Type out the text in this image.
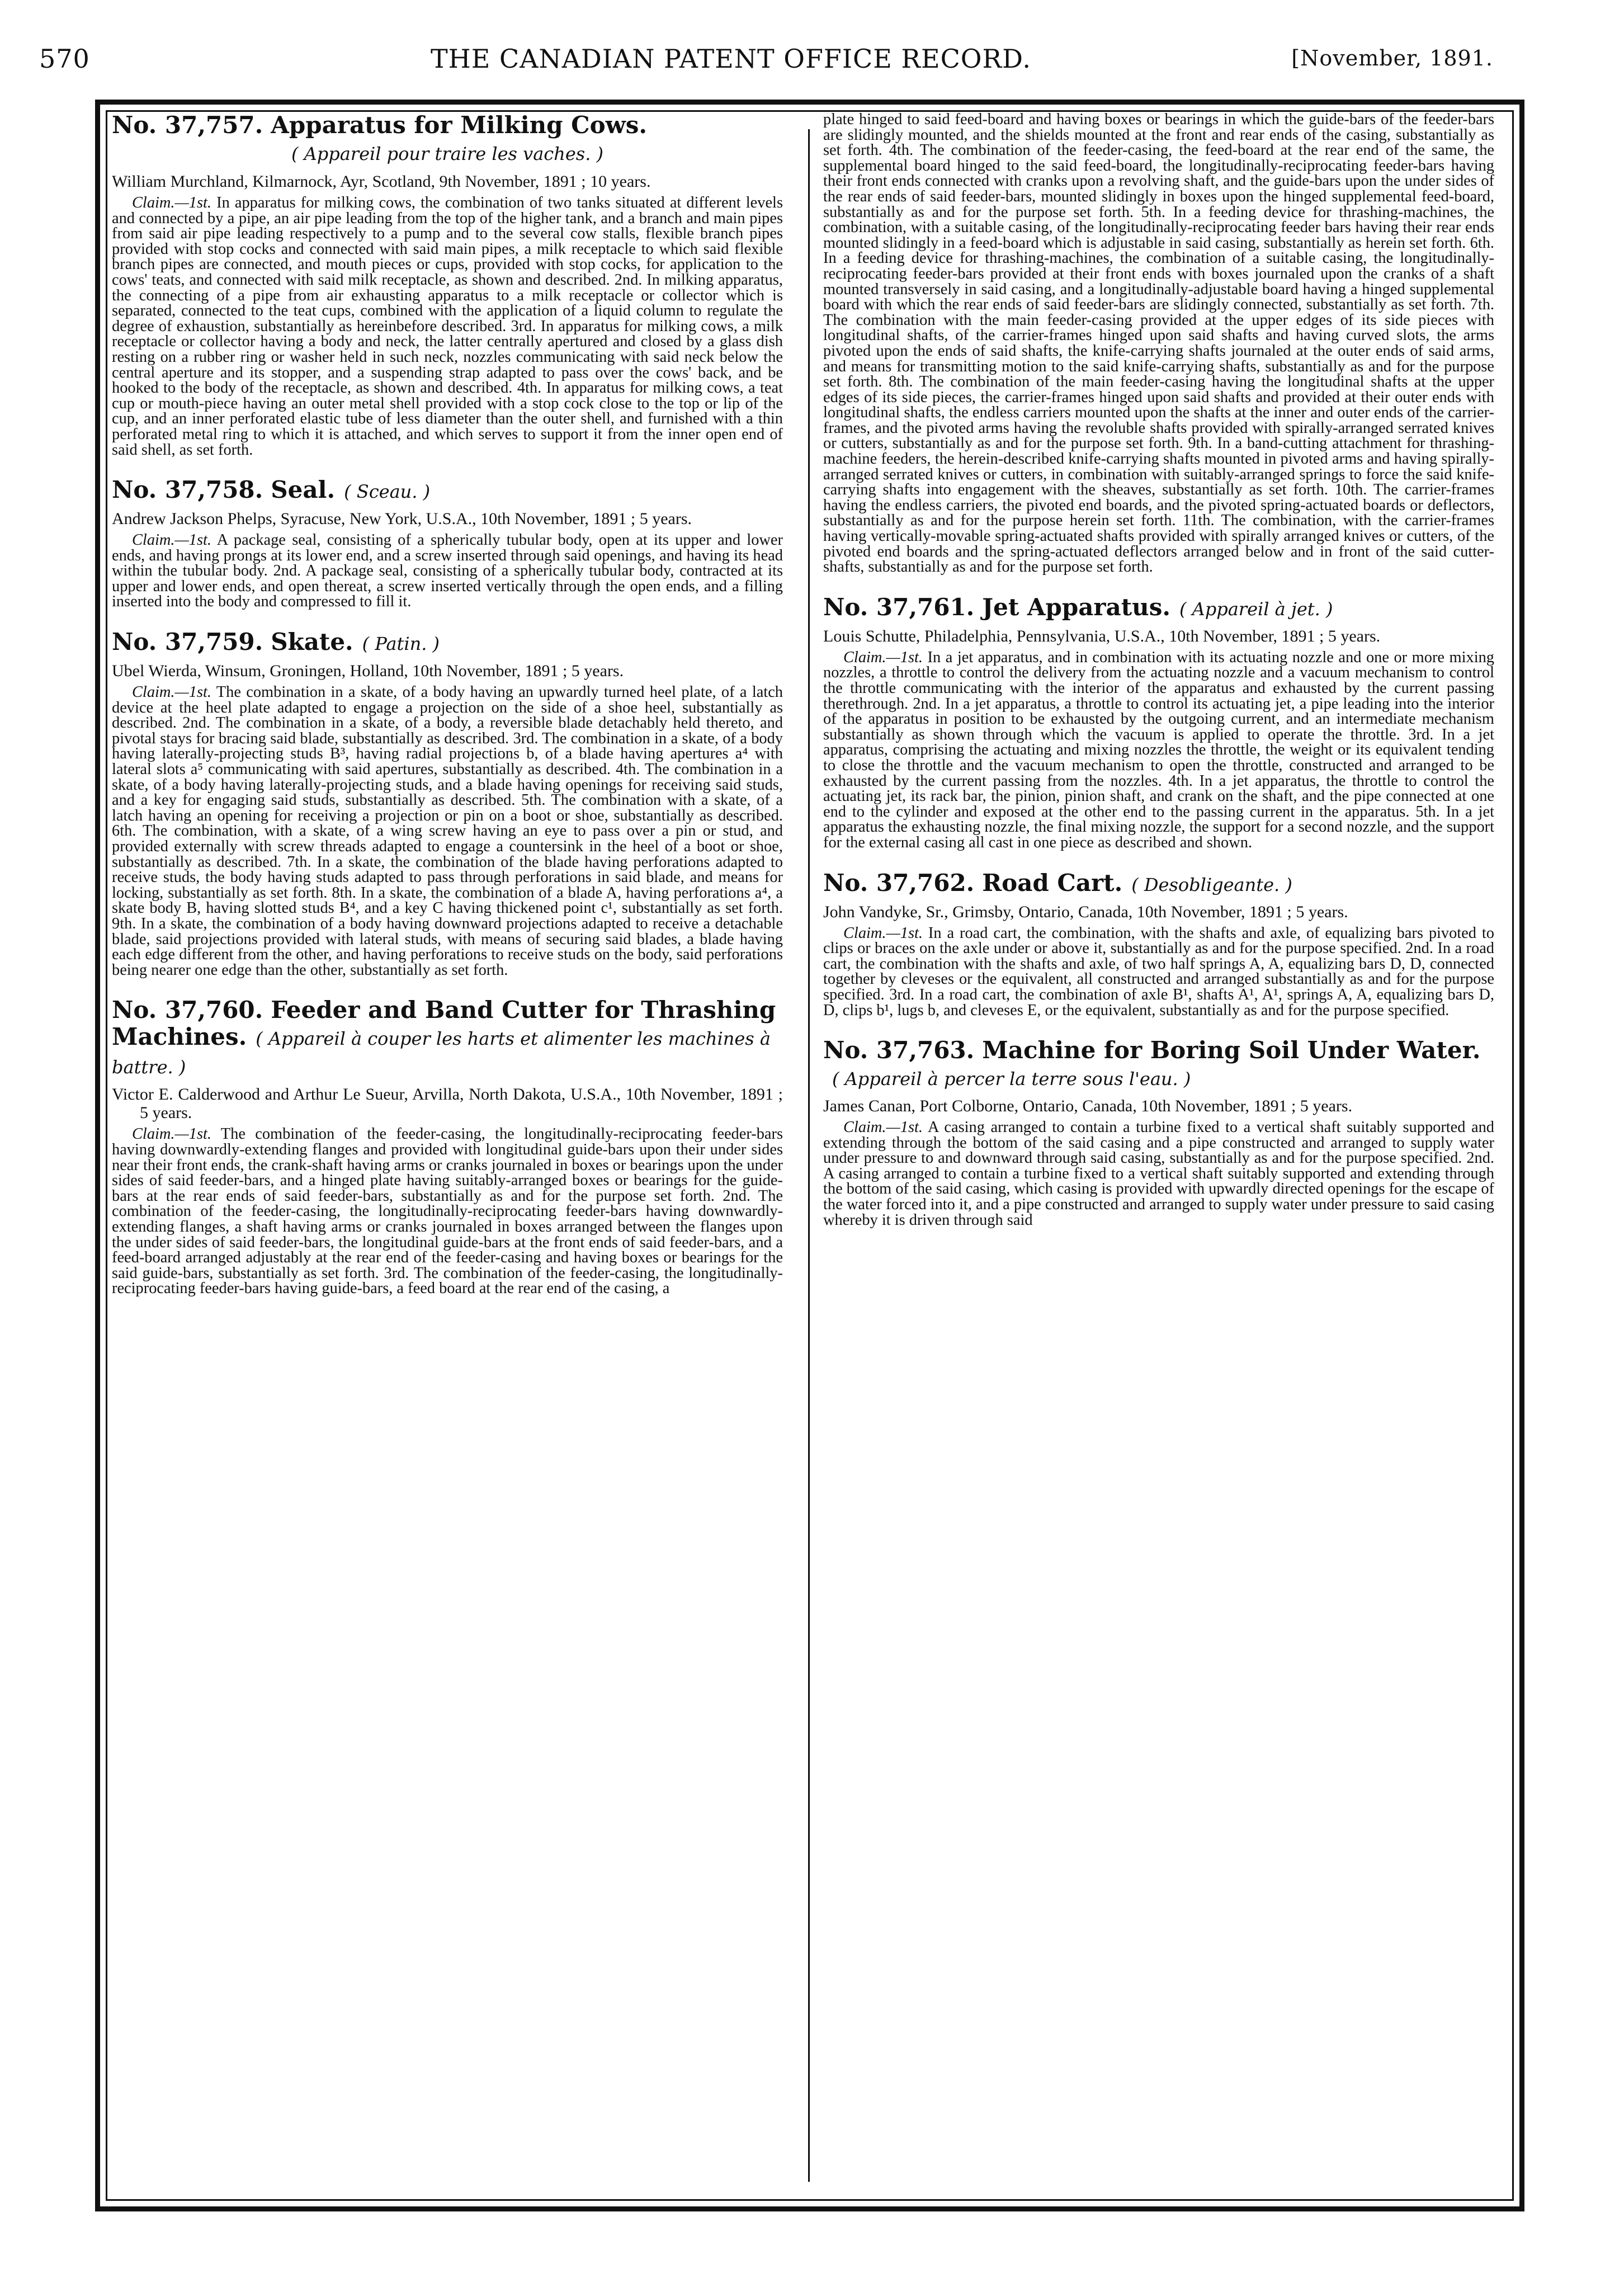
570	THE CANADIAN PATENT OFFICE RECORD.	[November, 1891.
No. 37,757. Apparatus for Milking Cows.
( Appareil pour traire les vaches. )

William Murchland, Kilmarnock, Ayr, Scotland, 9th November, 1891 ; 10 years.

Claim.—1st. In apparatus for milking cows, the combination of two tanks situated at different levels and connected by a pipe, an air pipe leading from the top of the higher tank, and a branch and main pipes from said air pipe leading respectively to a pump and to the several cow stalls, flexible branch pipes provided with stop cocks and connected with said main pipes, a milk receptacle to which said flexible branch pipes are connected, and mouth pieces or cups, provided with stop cocks, for application to the cows' teats, and connected with said milk receptacle, as shown and described. 2nd. In milking apparatus, the connecting of a pipe from air exhausting apparatus to a milk receptacle or collector which is separated, connected to the teat cups, combined with the application of a liquid column to regulate the degree of exhaustion, substantially as hereinbefore described. 3rd. In apparatus for milking cows, a milk receptacle or collector having a body and neck, the latter centrally apertured and closed by a glass dish resting on a rubber ring or washer held in such neck, nozzles communicating with said neck below the central aperture and its stopper, and a suspending strap adapted to pass over the cows' back, and be hooked to the body of the receptacle, as shown and described. 4th. In apparatus for milking cows, a teat cup or mouth-piece having an outer metal shell provided with a stop cock close to the top or lip of the cup, and an inner perforated elastic tube of less diameter than the outer shell, and furnished with a thin perforated metal ring to which it is attached, and which serves to support it from the inner open end of said shell, as set forth.

No. 37,758. Seal. ( Sceau. )

Andrew Jackson Phelps, Syracuse, New York, U.S.A., 10th November, 1891 ; 5 years.

Claim.—1st. A package seal, consisting of a spherically tubular body, open at its upper and lower ends, and having prongs at its lower end, and a screw inserted through said openings, and having its head within the tubular body. 2nd. A package seal, consisting of a spherically tubular body, contracted at its upper and lower ends, and open thereat, a screw inserted vertically through the open ends, and a filling inserted into the body and compressed to fill it.

No. 37,759. Skate. ( Patin. )

Ubel Wierda, Winsum, Groningen, Holland, 10th November, 1891 ; 5 years.

Claim.—1st. The combination in a skate, of a body having an upwardly turned heel plate, of a latch device at the heel plate adapted to engage a projection on the side of a shoe heel, substantially as described. 2nd. The combination in a skate, of a body, a reversible blade detachably held thereto, and pivotal stays for bracing said blade, substantially as described. 3rd. The combination in a skate, of a body having laterally-projecting studs B³, having radial projections b, of a blade having apertures a⁴ with lateral slots a⁵ communicating with said apertures, substantially as described. 4th. The combination in a skate, of a body having laterally-projecting studs, and a blade having openings for receiving said studs, and a key for engaging said studs, substantially as described. 5th. The combination with a skate, of a latch having an opening for receiving a projection or pin on a boot or shoe, substantially as described. 6th. The combination, with a skate, of a wing screw having an eye to pass over a pin or stud, and provided externally with screw threads adapted to engage a countersink in the heel of a boot or shoe, substantially as described. 7th. In a skate, the combination of the blade having perforations adapted to receive studs, the body having studs adapted to pass through perforations in said blade, and means for locking, substantially as set forth. 8th. In a skate, the combination of a blade A, having perforations a⁴, a skate body B, having slotted studs B⁴, and a key C having thickened point c¹, substantially as set forth. 9th. In a skate, the combination of a body having downward projections adapted to receive a detachable blade, said projections provided with lateral studs, with means of securing said blades, a blade having each edge different from the other, and having perforations to receive studs on the body, said perforations being nearer one edge than the other, substantially as set forth.

No. 37,760. Feeder and Band Cutter for Thrashing Machines. ( Appareil à couper les harts et alimenter les machines à battre. )

Victor E. Calderwood and Arthur Le Sueur, Arvilla, North Dakota, U.S.A., 10th November, 1891 ; 5 years.

Claim.—1st. The combination of the feeder-casing, the longitudinally-reciprocating feeder-bars having downwardly-extending flanges and provided with longitudinal guide-bars upon their under sides near their front ends, the crank-shaft having arms or cranks journaled in boxes or bearings upon the under sides of said feeder-bars, and a hinged plate having suitably-arranged boxes or bearings for the guide-bars at the rear ends of said feeder-bars, substantially as and for the purpose set forth. 2nd. The combination of the feeder-casing, the longitudinally-reciprocating feeder-bars having downwardly-extending flanges, a shaft having arms or cranks journaled in boxes arranged between the flanges upon the under sides of said feeder-bars, the longitudinal guide-bars at the front ends of said feeder-bars, and a feed-board arranged adjustably at the rear end of the feeder-casing and having boxes or bearings for the said guide-bars, substantially as set forth. 3rd. The combination of the feeder-casing, the longitudinally-reciprocating feeder-bars having guide-bars, a feed board at the rear end of the casing, a

plate hinged to said feed-board and having boxes or bearings in which the guide-bars of the feeder-bars are slidingly mounted, and the shields mounted at the front and rear ends of the casing, substantially as set forth. 4th. The combination of the feeder-casing, the feed-board at the rear end of the same, the supplemental board hinged to the said feed-board, the longitudinally-reciprocating feeder-bars having their front ends connected with cranks upon a revolving shaft, and the guide-bars upon the under sides of the rear ends of said feeder-bars, mounted slidingly in boxes upon the hinged supplemental feed-board, substantially as and for the purpose set forth. 5th. In a feeding device for thrashing-machines, the combination, with a suitable casing, of the longitudinally-reciprocating feeder bars having their rear ends mounted slidingly in a feed-board which is adjustable in said casing, substantially as herein set forth. 6th. In a feeding device for thrashing-machines, the combination of a suitable casing, the longitudinally-reciprocating feeder-bars provided at their front ends with boxes journaled upon the cranks of a shaft mounted transversely in said casing, and a longitudinally-adjustable board having a hinged supplemental board with which the rear ends of said feeder-bars are slidingly connected, substantially as set forth. 7th. The combination with the main feeder-casing provided at the upper edges of its side pieces with longitudinal shafts, of the carrier-frames hinged upon said shafts and having curved slots, the arms pivoted upon the ends of said shafts, the knife-carrying shafts journaled at the outer ends of said arms, and means for transmitting motion to the said knife-carrying shafts, substantially as and for the purpose set forth. 8th. The combination of the main feeder-casing having the longitudinal shafts at the upper edges of its side pieces, the carrier-frames hinged upon said shafts and provided at their outer ends with longitudinal shafts, the endless carriers mounted upon the shafts at the inner and outer ends of the carrier-frames, and the pivoted arms having the revoluble shafts provided with spirally-arranged serrated knives or cutters, substantially as and for the purpose set forth. 9th. In a band-cutting attachment for thrashing-machine feeders, the herein-described knife-carrying shafts mounted in pivoted arms and having spirally-arranged serrated knives or cutters, in combination with suitably-arranged springs to force the said knife-carrying shafts into engagement with the sheaves, substantially as set forth. 10th. The carrier-frames having the endless carriers, the pivoted end boards, and the pivoted spring-actuated boards or deflectors, substantially as and for the purpose herein set forth. 11th. The combination, with the carrier-frames having vertically-movable spring-actuated shafts provided with spirally arranged knives or cutters, of the pivoted end boards and the spring-actuated deflectors arranged below and in front of the said cutter-shafts, substantially as and for the purpose set forth.

No. 37,761. Jet Apparatus. ( Appareil à jet. )

Louis Schutte, Philadelphia, Pennsylvania, U.S.A., 10th November, 1891 ; 5 years.

Claim.—1st. In a jet apparatus, and in combination with its actuating nozzle and one or more mixing nozzles, a throttle to control the delivery from the actuating nozzle and a vacuum mechanism to control the throttle communicating with the interior of the apparatus and exhausted by the current passing therethrough. 2nd. In a jet apparatus, a throttle to control its actuating jet, a pipe leading into the interior of the apparatus in position to be exhausted by the outgoing current, and an intermediate mechanism substantially as shown through which the vacuum is applied to operate the throttle. 3rd. In a jet apparatus, comprising the actuating and mixing nozzles the throttle, the weight or its equivalent tending to close the throttle and the vacuum mechanism to open the throttle, constructed and arranged to be exhausted by the current passing from the nozzles. 4th. In a jet apparatus, the throttle to control the actuating jet, its rack bar, the pinion, pinion shaft, and crank on the shaft, and the pipe connected at one end to the cylinder and exposed at the other end to the passing current in the apparatus. 5th. In a jet apparatus the exhausting nozzle, the final mixing nozzle, the support for a second nozzle, and the support for the external casing all cast in one piece as described and shown.

No. 37,762. Road Cart. ( Desobligeante. )

John Vandyke, Sr., Grimsby, Ontario, Canada, 10th November, 1891 ; 5 years.

Claim.—1st. In a road cart, the combination, with the shafts and axle, of equalizing bars pivoted to clips or braces on the axle under or above it, substantially as and for the purpose specified. 2nd. In a road cart, the combination with the shafts and axle, of two half springs A, A, equalizing bars D, D, connected together by cleveses or the equivalent, all constructed and arranged substantially as and for the purpose specified. 3rd. In a road cart, the combination of axle B¹, shafts A¹, A¹, springs A, A, equalizing bars D, D, clips b¹, lugs b, and cleveses E, or the equivalent, substantially as and for the purpose specified.

No. 37,763. Machine for Boring Soil Under Water.( Appareil à percer la terre sous l'eau. )

James Canan, Port Colborne, Ontario, Canada, 10th November, 1891 ; 5 years.

Claim.—1st. A casing arranged to contain a turbine fixed to a vertical shaft suitably supported and extending through the bottom of the said casing and a pipe constructed and arranged to supply water under pressure to and downward through said casing, substantially as and for the purpose specified. 2nd. A casing arranged to contain a turbine fixed to a vertical shaft suitably supported and extending through the bottom of the said casing, which casing is provided with upwardly directed openings for the escape of the water forced into it, and a pipe constructed and arranged to supply water under pressure to said casing whereby it is driven through said
